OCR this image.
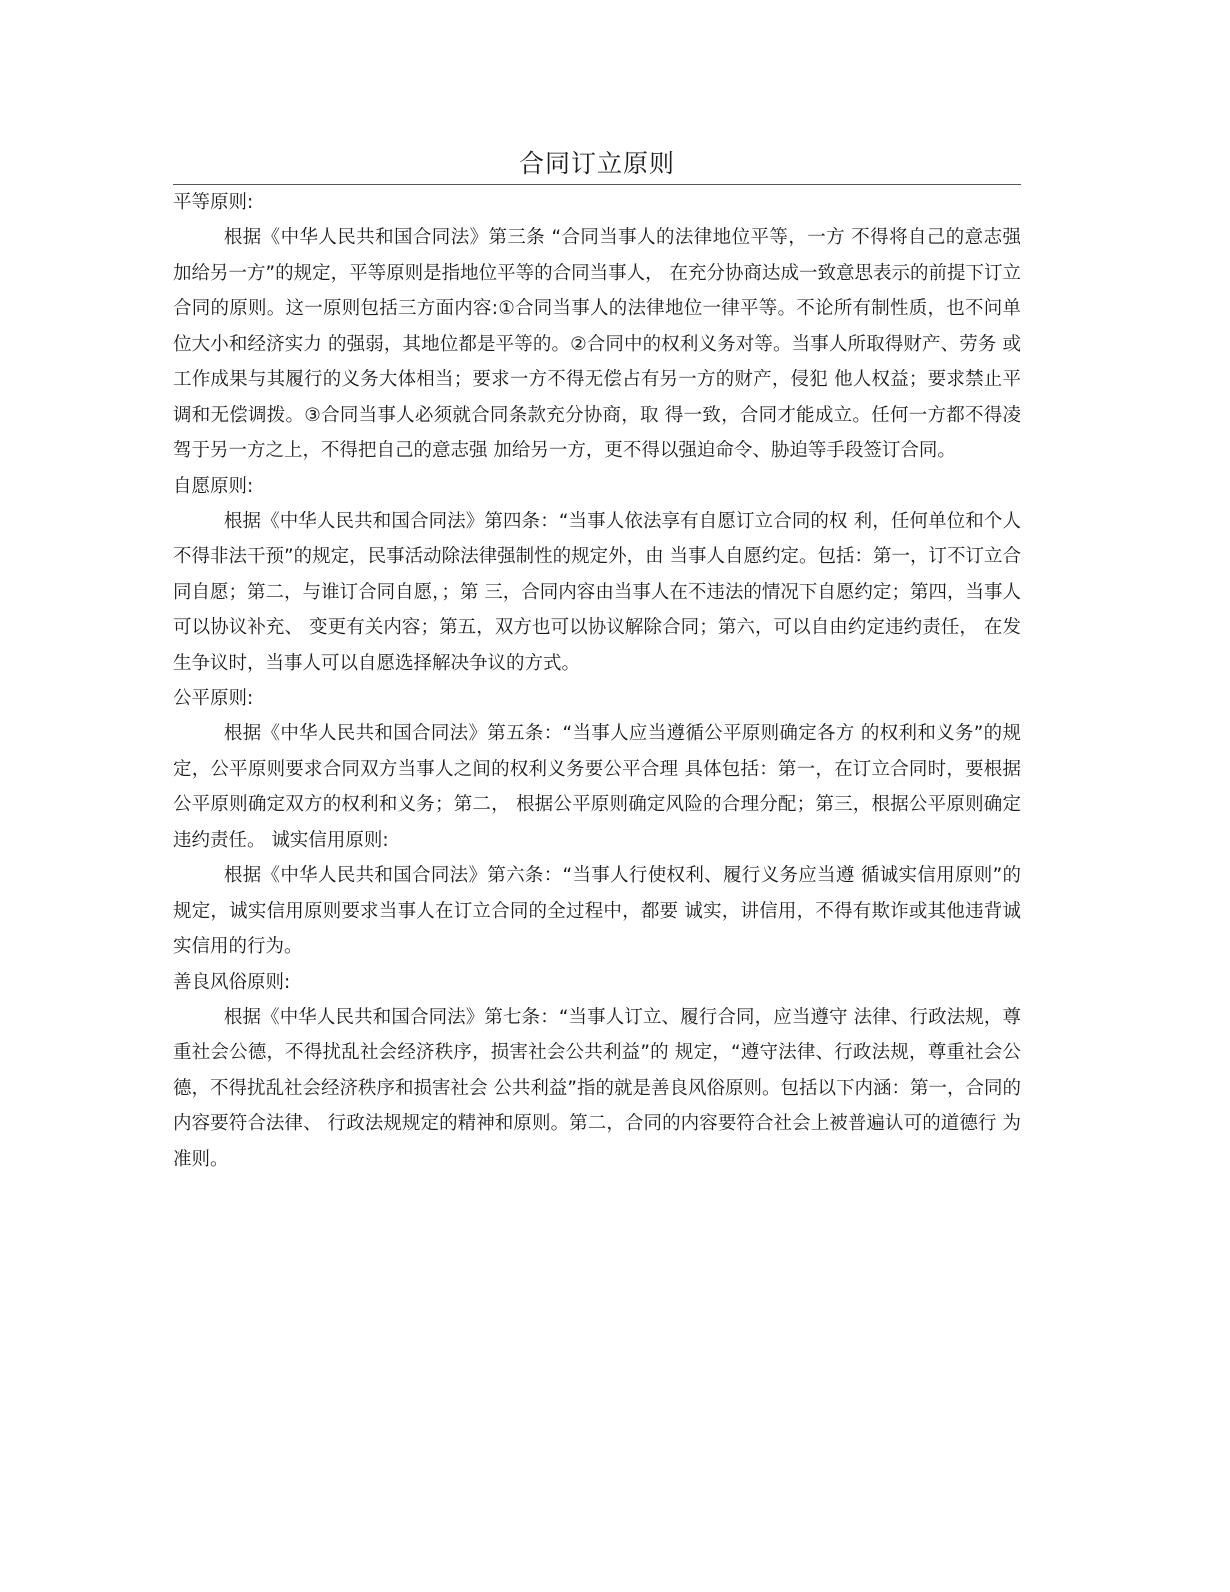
合同订立原则

平等原则:

根据《中华人民共和国合同法》第三条 “合同当事人的法律地位平等，一方 不得将自己的意志强加给另一方”的规定，平等原则是指地位平等的合同当事人， 在充分协商达成一致意思表示的前提下订立合同的原则。这一原则包括三方面内容:①合同当事人的法律地位一律平等。不论所有制性质，也不问单位大小和经济实力 的强弱，其地位都是平等的。②合同中的权利义务对等。当事人所取得财产、劳务 或工作成果与其履行的义务大体相当；要求一方不得无偿占有另一方的财产，侵犯 他人权益；要求禁止平调和无偿调拨。③合同当事人必须就合同条款充分协商，取 得一致，合同才能成立。任何一方都不得凌驾于另一方之上，不得把自己的意志强 加给另一方，更不得以强迫命令、胁迫等手段签订合同。

自愿原则:

根据《中华人民共和国合同法》第四条：“当事人依法享有自愿订立合同的权 利，任何单位和个人不得非法干预”的规定，民事活动除法律强制性的规定外，由 当事人自愿约定。包括：第一，订不订立合同自愿；第二，与谁订合同自愿，；第 三，合同内容由当事人在不违法的情况下自愿约定；第四，当事人可以协议补充、 变更有关内容；第五，双方也可以协议解除合同；第六，可以自由约定违约责任， 在发生争议时，当事人可以自愿选择解决争议的方式。

公平原则:

根据《中华人民共和国合同法》第五条：“当事人应当遵循公平原则确定各方 的权利和义务”的规定，公平原则要求合同双方当事人之间的权利义务要公平合理 具体包括：第一，在订立合同时，要根据公平原则确定双方的权利和义务；第二， 根据公平原则确定风险的合理分配；第三，根据公平原则确定违约责任。 诚实信用原则:

根据《中华人民共和国合同法》第六条：“当事人行使权利、履行义务应当遵 循诚实信用原则”的规定，诚实信用原则要求当事人在订立合同的全过程中，都要 诚实，讲信用，不得有欺诈或其他违背诚实信用的行为。

善良风俗原则:

根据《中华人民共和国合同法》第七条：“当事人订立、履行合同，应当遵守 法律、行政法规，尊重社会公德，不得扰乱社会经济秩序，损害社会公共利益”的 规定，“遵守法律、行政法规，尊重社会公德，不得扰乱社会经济秩序和损害社会 公共利益”指的就是善良风俗原则。包括以下内涵：第一，合同的内容要符合法律、 行政法规规定的精神和原则。第二，合同的内容要符合社会上被普遍认可的道德行 为准则。
